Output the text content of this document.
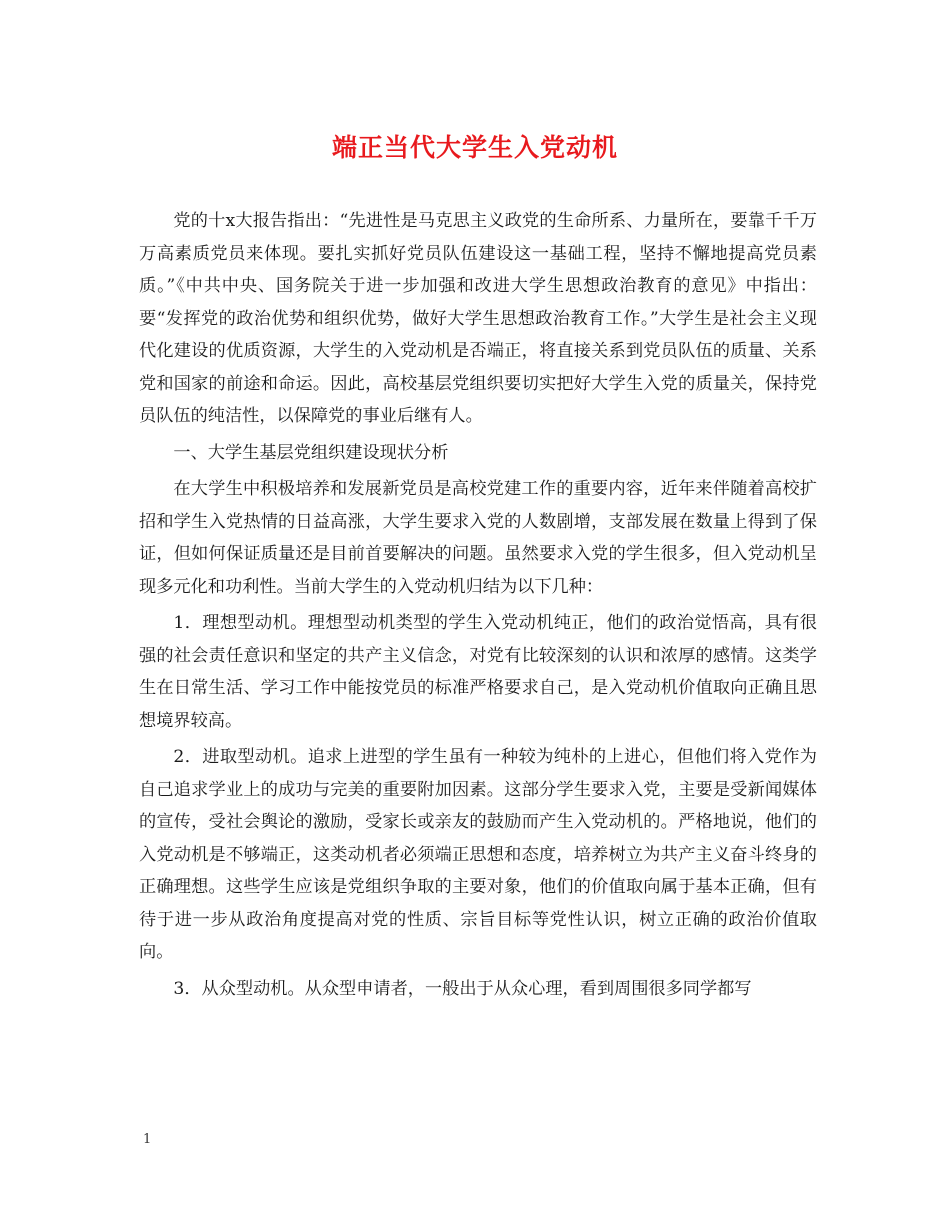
端正当代大学生入党动机

党的十x大报告指出：“先进性是马克思主义政党的生命所系、力量所在，要靠千千万万高素质党员来体现。要扎实抓好党员队伍建设这一基础工程，坚持不懈地提高党员素质。”《中共中央、国务院关于进一步加强和改进大学生思想政治教育的意见》中指出：要“发挥党的政治优势和组织优势，做好大学生思想政治教育工作。”大学生是社会主义现代化建设的优质资源，大学生的入党动机是否端正，将直接关系到党员队伍的质量、关系党和国家的前途和命运。因此，高校基层党组织要切实把好大学生入党的质量关，保持党员队伍的纯洁性，以保障党的事业后继有人。

一、大学生基层党组织建设现状分析

在大学生中积极培养和发展新党员是高校党建工作的重要内容，近年来伴随着高校扩招和学生入党热情的日益高涨，大学生要求入党的人数剧增，支部发展在数量上得到了保证，但如何保证质量还是目前首要解决的问题。虽然要求入党的学生很多，但入党动机呈现多元化和功利性。当前大学生的入党动机归结为以下几种：

1．理想型动机。理想型动机类型的学生入党动机纯正，他们的政治觉悟高，具有很强的社会责任意识和坚定的共产主义信念，对党有比较深刻的认识和浓厚的感情。这类学生在日常生活、学习工作中能按党员的标准严格要求自己，是入党动机价值取向正确且思想境界较高。

2．进取型动机。追求上进型的学生虽有一种较为纯朴的上进心，但他们将入党作为自己追求学业上的成功与完美的重要附加因素。这部分学生要求入党，主要是受新闻媒体的宣传，受社会舆论的激励，受家长或亲友的鼓励而产生入党动机的。严格地说，他们的入党动机是不够端正，这类动机者必须端正思想和态度，培养树立为共产主义奋斗终身的正确理想。这些学生应该是党组织争取的主要对象，他们的价值取向属于基本正确，但有待于进一步从政治角度提高对党的性质、宗旨目标等党性认识，树立正确的政治价值取向。

3．从众型动机。从众型申请者，一般出于从众心理，看到周围很多同学都写

1
